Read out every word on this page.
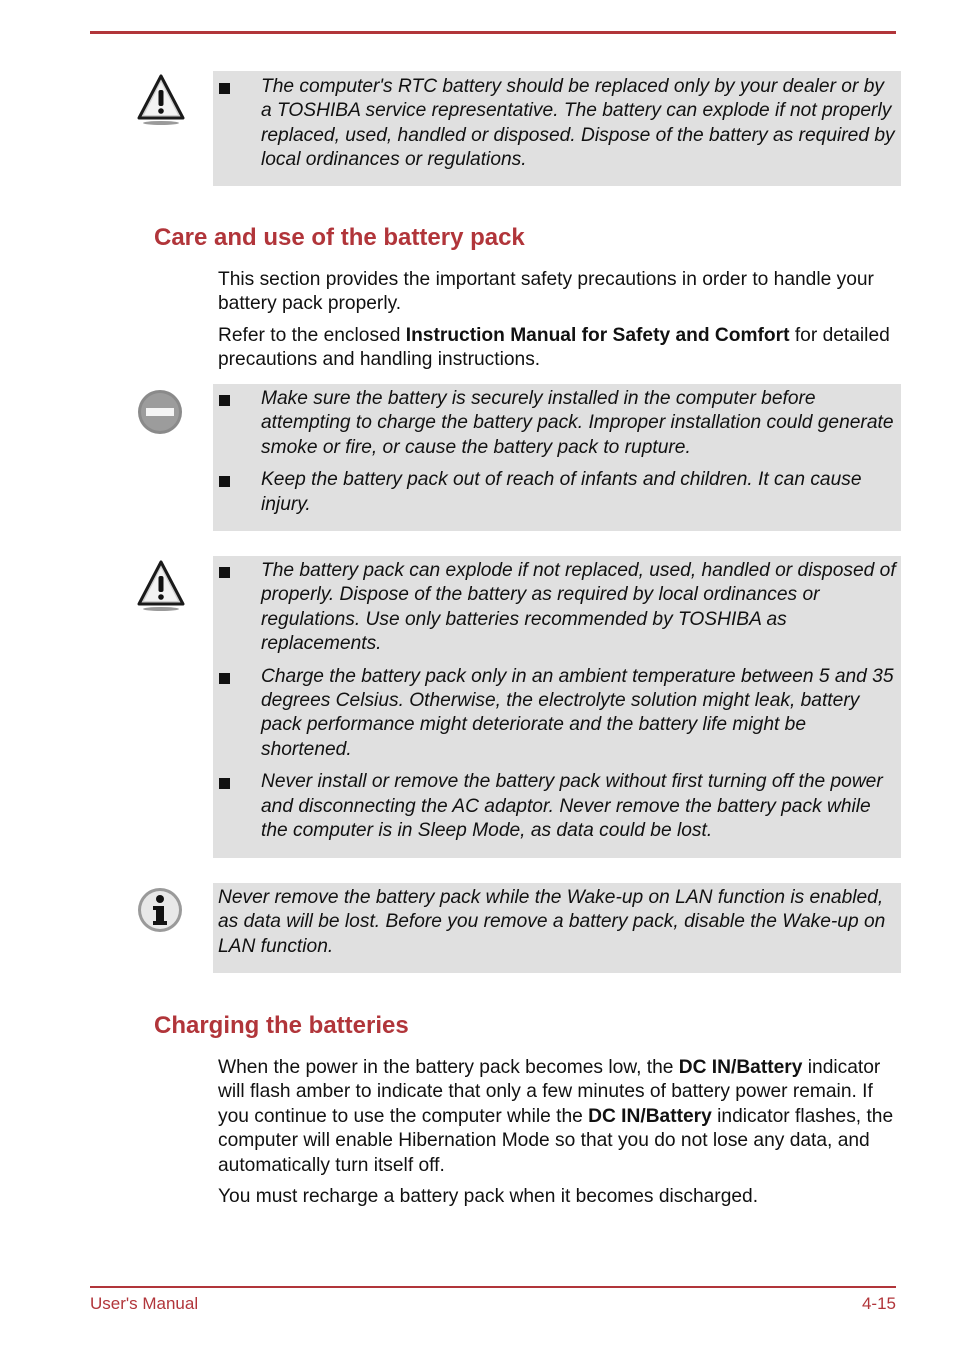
The computer's RTC battery should be replaced only by your dealer or by a TOSHIBA service representative. The battery can explode if not properly replaced, used, handled or disposed. Dispose of the battery as required by local ordinances or regulations.
Care and use of the battery pack

This section provides the important safety precautions in order to handle your battery pack properly.

Refer to the enclosed Instruction Manual for Safety and Comfort for detailed precautions and handling instructions.

Make sure the battery is securely installed in the computer before attempting to charge the battery pack. Improper installation could generate smoke or fire, or cause the battery pack to rupture.
Keep the battery pack out of reach of infants and children. It can cause injury.
The battery pack can explode if not replaced, used, handled or disposed of properly. Dispose of the battery as required by local ordinances or regulations. Use only batteries recommended by TOSHIBA as replacements.
Charge the battery pack only in an ambient temperature between 5 and 35 degrees Celsius. Otherwise, the electrolyte solution might leak, battery pack performance might deteriorate and the battery life might be shortened.
Never install or remove the battery pack without first turning off the power and disconnecting the AC adaptor. Never remove the battery pack while the computer is in Sleep Mode, as data could be lost.
Never remove the battery pack while the Wake-up on LAN function is enabled, as data will be lost. Before you remove a battery pack, disable the Wake-up on LAN function.
Charging the batteries

When the power in the battery pack becomes low, the DC IN/Battery indicator will flash amber to indicate that only a few minutes of battery power remain. If you continue to use the computer while the DC IN/Battery indicator flashes, the computer will enable Hibernation Mode so that you do not lose any data, and automatically turn itself off.

You must recharge a battery pack when it becomes discharged.

User's Manual	4-15
